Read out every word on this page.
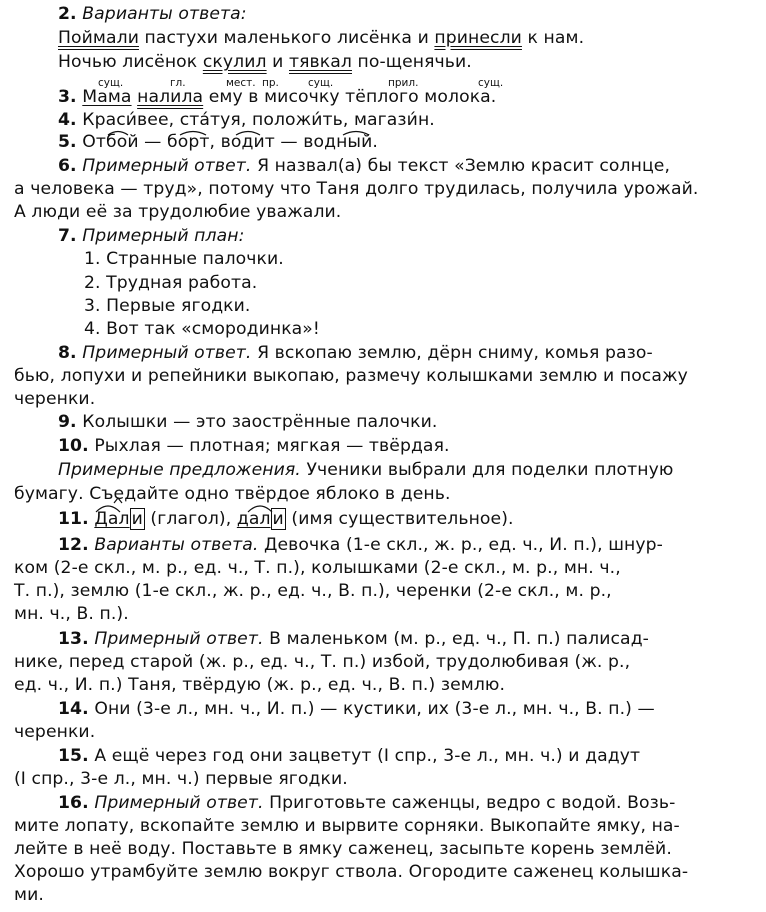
2. Варианты ответа:
Поймали пастухи маленького лисёнка и принесли к нам.
Ночью лисёнок скулил и тявкал по-щенячьи.
сущ.	гл.	мест. пр.	сущ.	прил.	сущ.
3. Мама налила ему в мисочку тёплого молока.
4. Краси́вее, ста́туя, положи́ть, магази́н.
5. Отбой — борт, водит — водный.
6. Примерный ответ. Я назвал(а) бы текст «Землю красит солнце,
а человека — труд», потому что Таня долго трудилась, получила урожай.
А люди её за трудолюбие уважали.
7. Примерный план:
1. Странные палочки.
2. Трудная работа.
3. Первые ягодки.
4. Вот так «смородинка»!
8. Примерный ответ. Я вскопаю землю, дёрн сниму, комья разо-
бью, лопухи и репейники выкопаю, размечу колышками землю и посажу
черенки.
9. Колышки — это заострённые палочки.
10. Рыхлая — плотная; мягкая — твёрдая.
Примерные предложения. Ученики выбрали для поделки плотную
бумагу. Съедайте одно твёрдое яблоко в день.
11. Дал и (глагол), дал и (имя существительное).
12. Варианты ответа. Девочка (1-е скл., ж. р., ед. ч., И. п.), шнур-
ком (2-е скл., м. р., ед. ч., Т. п.), колышками (2-е скл., м. р., мн. ч.,
Т. п.), землю (1-е скл., ж. р., ед. ч., В. п.), черенки (2-е скл., м. р.,
мн. ч., В. п.).
13. Примерный ответ. В маленьком (м. р., ед. ч., П. п.) палисад-
нике, перед старой (ж. р., ед. ч., Т. п.) избой, трудолюбивая (ж. р.,
ед. ч., И. п.) Таня, твёрдую (ж. р., ед. ч., В. п.) землю.
14. Они (3-е л., мн. ч., И. п.) — кустики, их (3-е л., мн. ч., В. п.) —
черенки.
15. А ещё через год они зацветут (I спр., 3-е л., мн. ч.) и дадут
(I спр., 3-е л., мн. ч.) первые ягодки.
16. Примерный ответ. Приготовьте саженцы, ведро с водой. Возь-
мите лопату, вскопайте землю и вырвите сорняки. Выкопайте ямку, на-
лейте в неё воду. Поставьте в ямку саженец, засыпьте корень землёй.
Хорошо утрамбуйте землю вокруг ствола. Огородите саженец колышка-
ми.
